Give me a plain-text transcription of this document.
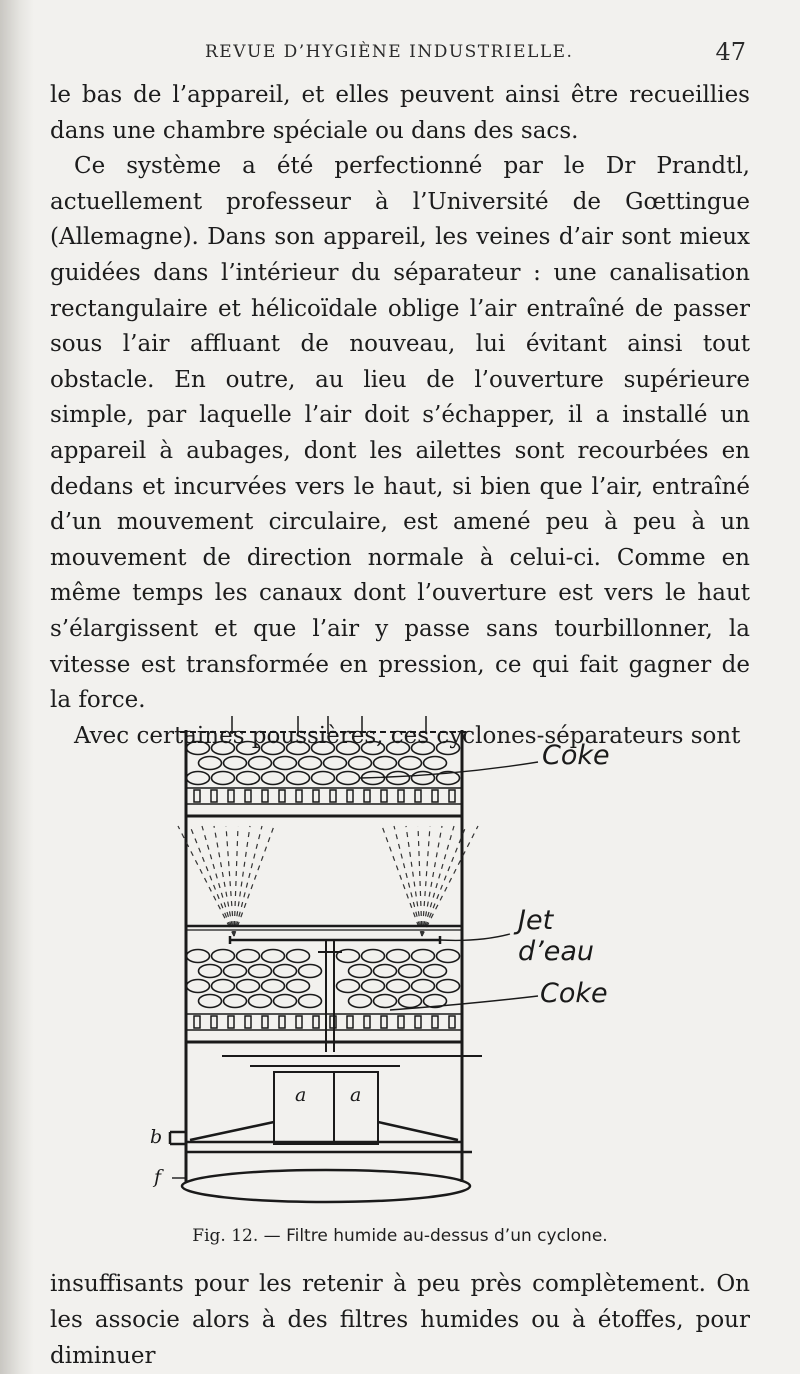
REVUE D’HYGIÈNE INDUSTRIELLE.	47

le bas de l’appareil, et elles peuvent ainsi être recueillies dans une chambre spéciale ou dans des sacs.

Ce système a été perfectionné par le Dr Prandtl, actuellement professeur à l’Université de Gœttingue (Allemagne). Dans son appareil, les veines d’air sont mieux guidées dans l’intérieur du séparateur : une canalisation rectangulaire et hélicoïdale oblige l’air entraîné de passer sous l’air affluant de nouveau, lui évitant ainsi tout obstacle. En outre, au lieu de l’ouverture supérieure simple, par laquelle l’air doit s’échapper, il a installé un appareil à aubages, dont les ailettes sont recourbées en dedans et incurvées vers le haut, si bien que l’air, entraîné d’un mouvement circulaire, est amené peu à peu à un mouvement de direction normale à celui-ci. Comme en même temps les canaux dont l’ouverture est vers le haut s’élargissent et que l’air y passe sans tourbillonner, la vitesse est transformée en pression, ce qui fait gagner de la force.

Avec certaines poussières, ces cyclones-séparateurs sont

Coke
Jet d’eau
Coke
a a
b
f
Fig. 12. — Filtre humide au-dessus d’un cyclone.

insuffisants pour les retenir à peu près complètement. On les associe alors à des filtres humides ou à étoffes, pour diminuer
